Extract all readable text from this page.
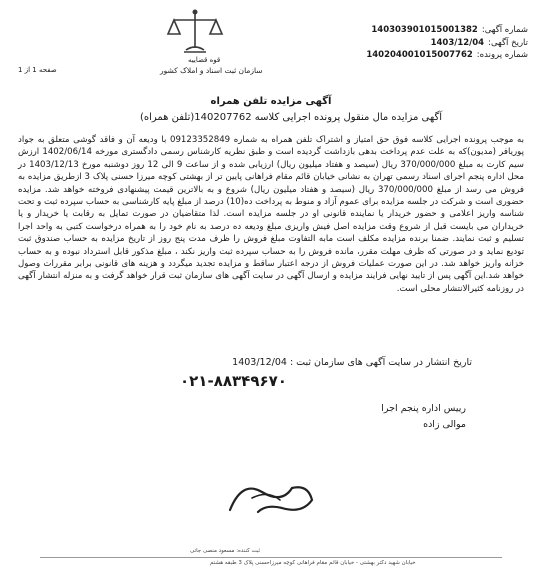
قوه قضاییه
سازمان ثبت اسناد و املاک کشور
صفحه 1 از 1
شماره آگهی:140303901015001382
تاریخ آگهی:1403/12/04
شماره پرونده:140204001015007762
آگهی مزایده تلفن همراه
آگهی مزایده مال منقول پرونده اجرایی کلاسه 140207762(تلفن همراه)
به موجب پرونده اجرایی کلاسه فوق حق امتیاز و اشتراک تلفن همراه به شماره 09123352849 با ودیعه آن و فاقد گوشی متعلق به جواد پوریافر (مدیون)که به علت عدم پرداخت بدهی بازداشت گردیده است و طبق نظریه کارشناس رسمی دادگستری مورخه 1402/06/14 ارزش سیم کارت به مبلغ 370/000/000 ریال (سیصد و هفتاد میلیون ریال) ارزیابی شده و از ساعت 9 الی 12 روز دوشنبه مورخ 1403/12/13 در محل اداره پنجم اجرای اسناد رسمی تهران به نشانی خیابان قائم مقام فراهانی پایین تر از بهشتی کوچه میرزا حسنی پلاک 3 ازطریق مزایده به فروش می رسد از مبلغ 370/000/000 ریال (سیصد و هفتاد میلیون ریال) شروع و به بالاترین قیمت پیشنهادی فروخته خواهد شد. مزایده حضوری است و شرکت در جلسه مزایده برای عموم آزاد و منوط به پرداخت ده(10) درصد از مبلغ پایه کارشناسی به حساب سپرده ثبت و تحت شناسه واریز اعلامی و حضور خریدار یا نماینده قانونی او در جلسه مزایده است. لذا متقاضیان در صورت تمایل به رقابت یا خریدار و یا خریداران می بایست قبل از شروع وقت مزایده اصل فیش واریزی مبلغ ودیعه ده درصد به نام خود را به همراه درخواست کتبی به واحد اجرا تسلیم و ثبت نمایند. ضمنا برنده مزایده مکلف است مابه التفاوت مبلغ فروش را ظرف مدت پنج روز از تاریخ مزایده به حساب صندوق ثبت تودیع نماید و در صورتی که ظرف مهلت مقرر، مانده فروش را به حساب سپرده ثبت واریز نکند ، مبلغ مذکور قابل استرداد نبوده و به حساب خزانه واریز خواهد شد. در این صورت عملیات فروش از درجه اعتبار ساقط و مزایده تجدید میگردد و هزینه های قانونی برابر مقررات وصول خواهد شد.این آگهی پس از تایید نهایی فرایند مزایده و ارسال آگهی در سایت آگهی های سازمان ثبت قرار خواهد گرفت و به منزله انتشار آگهی در روزنامه کثیرالانتشار محلی است.
تاریخ انتشار در سایت آگهی های سازمان ثبت : 1403/12/04
۰۲۱-۸۸۳۴۹۶۷۰
رییس اداره پنجم اجرا
موالی زاده
ثبت کننده: مسعود منصی جاتی
خیابان شهید دکتر بهشتی - خیابان قائم مقام فراهانی کوچه میرزاحسنی پلاک 3 طبقه هشتم
